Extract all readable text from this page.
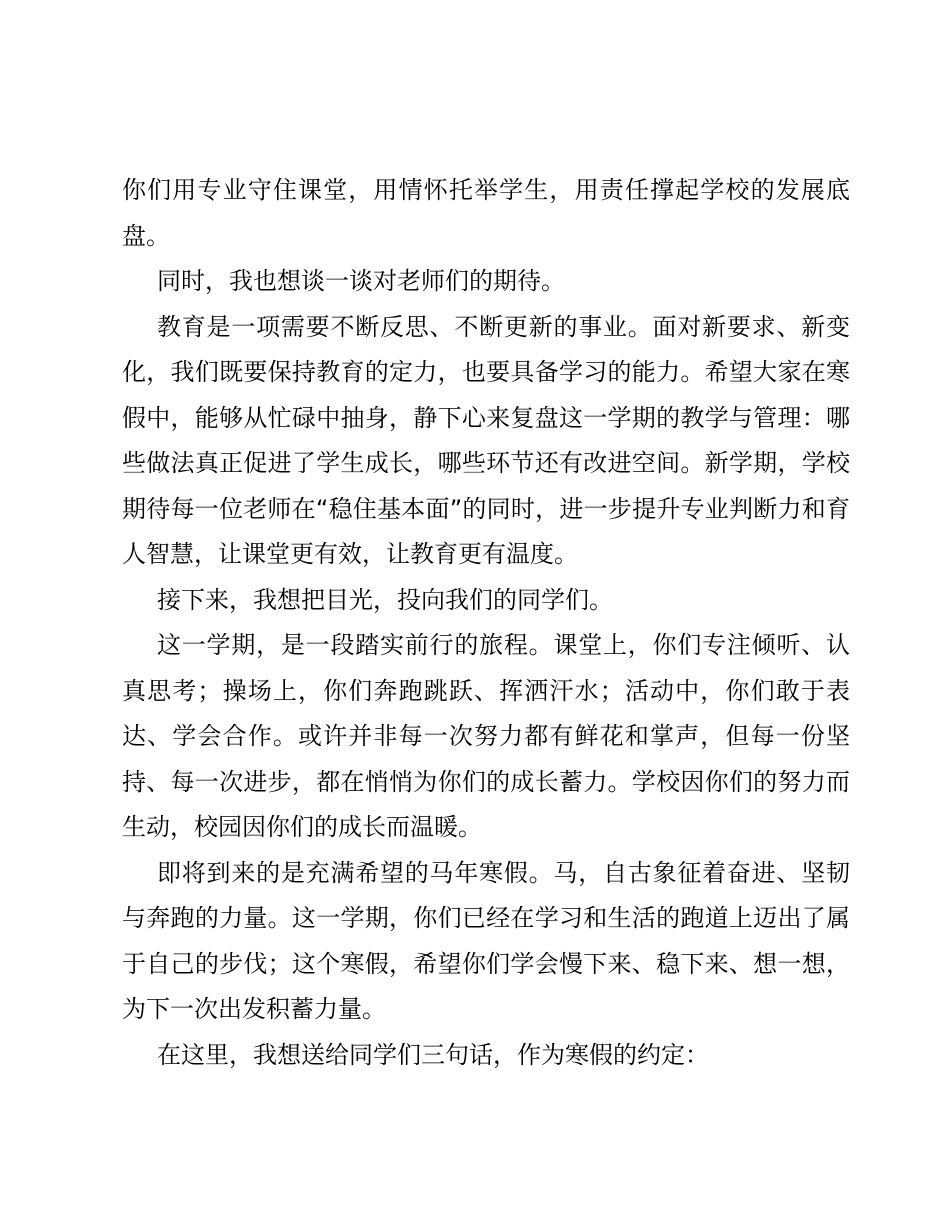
你们用专业守住课堂，用情怀托举学生，用责任撑起学校的发展底盘。

同时，我也想谈一谈对老师们的期待。

教育是一项需要不断反思、不断更新的事业。面对新要求、新变化，我们既要保持教育的定力，也要具备学习的能力。希望大家在寒假中，能够从忙碌中抽身，静下心来复盘这一学期的教学与管理：哪些做法真正促进了学生成长，哪些环节还有改进空间。新学期，学校期待每一位老师在“稳住基本面”的同时，进一步提升专业判断力和育人智慧，让课堂更有效，让教育更有温度。

接下来，我想把目光，投向我们的同学们。

这一学期，是一段踏实前行的旅程。课堂上，你们专注倾听、认真思考；操场上，你们奔跑跳跃、挥洒汗水；活动中，你们敢于表达、学会合作。或许并非每一次努力都有鲜花和掌声，但每一份坚持、每一次进步，都在悄悄为你们的成长蓄力。学校因你们的努力而生动，校园因你们的成长而温暖。

即将到来的是充满希望的马年寒假。马，自古象征着奋进、坚韧与奔跑的力量。这一学期，你们已经在学习和生活的跑道上迈出了属于自己的步伐；这个寒假，希望你们学会慢下来、稳下来、想一想，为下一次出发积蓄力量。

在这里，我想送给同学们三句话，作为寒假的约定：
